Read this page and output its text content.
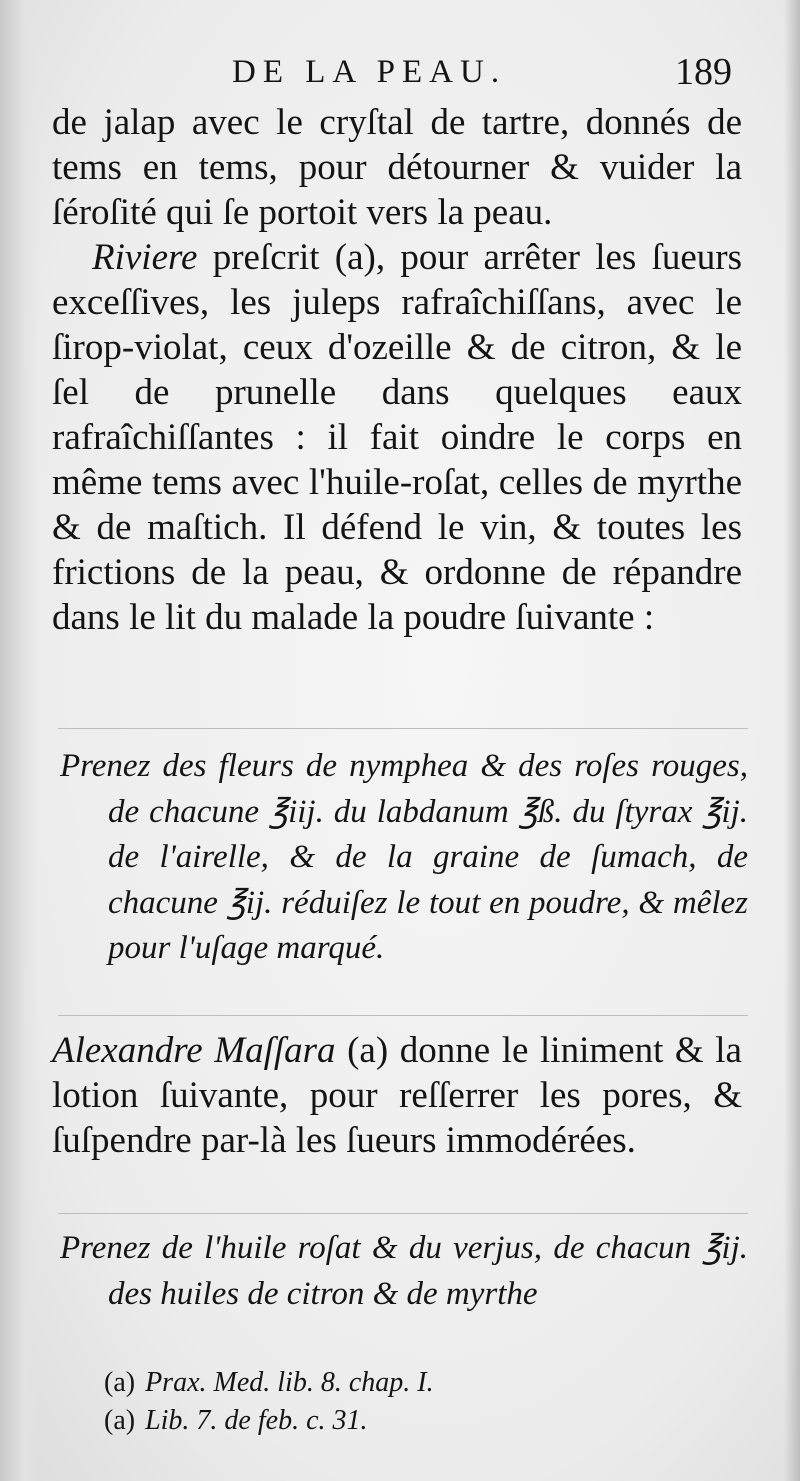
DE LA PEAU.	189

de jalap avec le cryſtal de tartre, donnés de tems en tems, pour détourner & vuider la ſéroſité qui ſe portoit vers la peau.

Riviere preſcrit (a), pour arrêter les ſueurs exceſſives, les juleps rafraîchiſſans, avec le ſirop-violat, ceux d'ozeille & de citron, & le ſel de prunelle dans quelques eaux rafraîchiſſantes : il fait oindre le corps en même tems avec l'huile-roſat, celles de myrthe & de maſtich. Il défend le vin, & toutes les frictions de la peau, & ordonne de répandre dans le lit du malade la poudre ſuivante :

Prenez des fleurs de nymphea & des roſes rouges, de chacune ℥iij. du labdanum ℥ß. du ſtyrax ℥ij. de l'airelle, & de la graine de ſumach, de chacune ℥ij. réduiſez le tout en poudre, & mêlez pour l'uſage marqué.

Alexandre Maſſara (a) donne le liniment & la lotion ſuivante, pour reſſerrer les pores, & ſuſpendre par-là les ſueurs immodérées.

Prenez de l'huile roſat & du verjus, de chacun ℥ij. des huiles de citron & de myrthe

(a) Prax. Med. lib. 8. chap. I.
(a) Lib. 7. de feb. c. 31.
